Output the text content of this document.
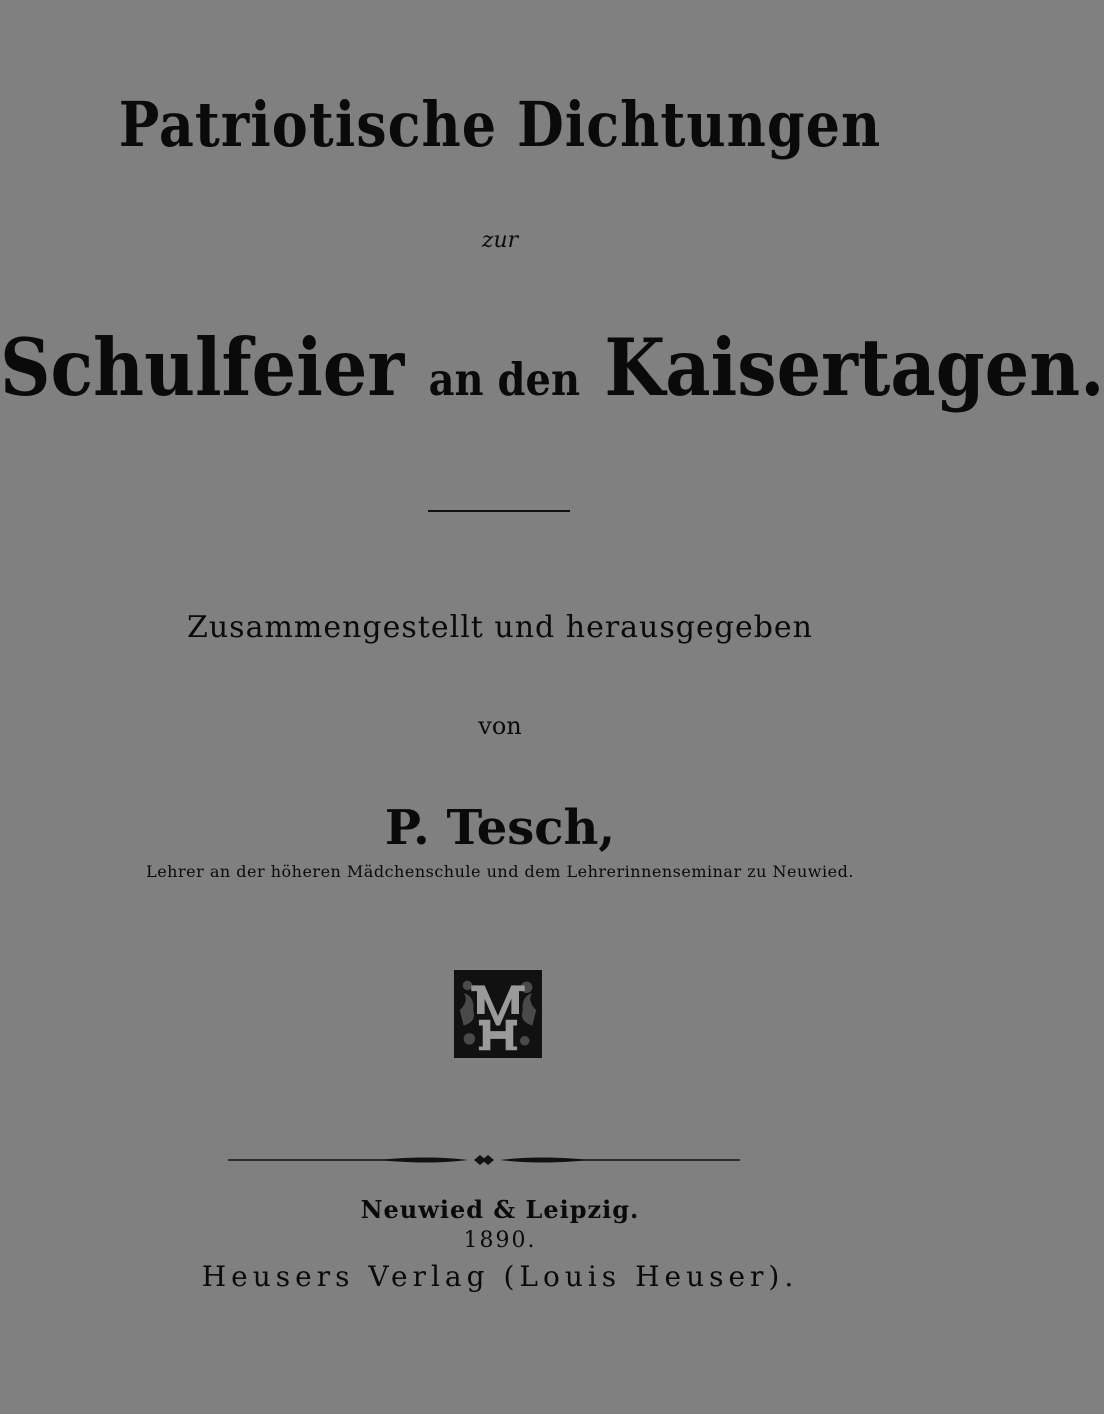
Patriotische Dichtungen
zur
Schulfeier an den Kaisertagen.
Zusammengestellt und herausgegeben
von
P. Tesch,
Lehrer an der höheren Mädchenschule und dem Lehrerinnenseminar zu Neuwied.
Neuwied & Leipzig.
1890.
Heusers Verlag (Louis Heuser).
